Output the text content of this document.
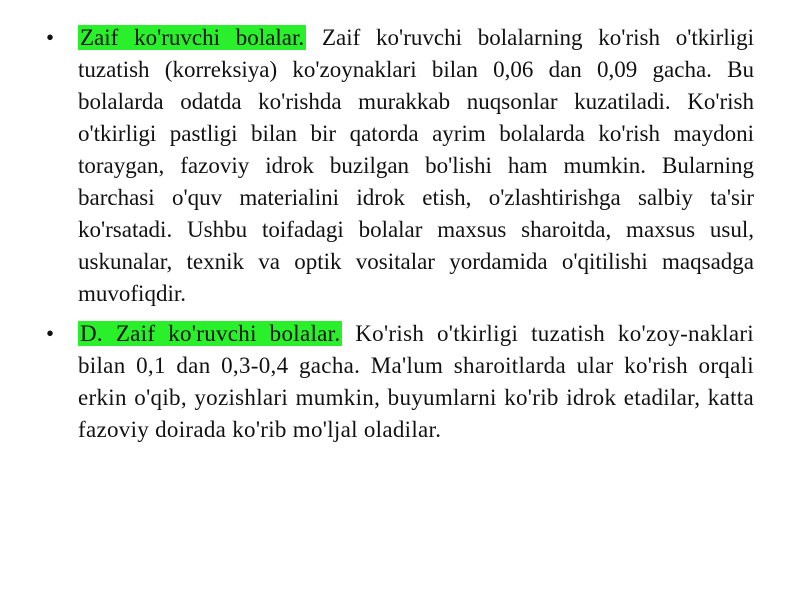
•	Zaif ko'ruvchi bolalar. Zaif ko'ruvchi bolalarning ko'rish o'tkirligi tuzatish (korreksiya) ko'zoynaklari bilan 0,06 dan 0,09 gacha. Bu bolalarda odatda ko'rishda murakkab nuqsonlar kuzatiladi. Ko'rish o'tkirligi pastligi bilan bir qatorda ayrim bolalarda ko'rish maydoni toraygan, fazoviy idrok buzilgan bo'lishi ham mumkin. Bularning barchasi o'quv materialini idrok etish, o'zlashtirishga salbiy ta'sir ko'rsatadi. Ushbu toifadagi bolalar maxsus sharoitda, maxsus usul, uskunalar, texnik va optik vositalar yordamida o'qitilishi maqsadga muvofiqdir.
•	D. Zaif ko'ruvchi bolalar. Ko'rish o'tkirligi tuzatish ko'zoy-naklari bilan 0,1 dan 0,3-0,4 gacha. Ma'lum sharoitlarda ular ko'rish orqali erkin o'qib, yozishlari mumkin, buyumlarni ko'rib idrok etadilar, katta fazoviy doirada ko'rib mo'ljal oladilar.
